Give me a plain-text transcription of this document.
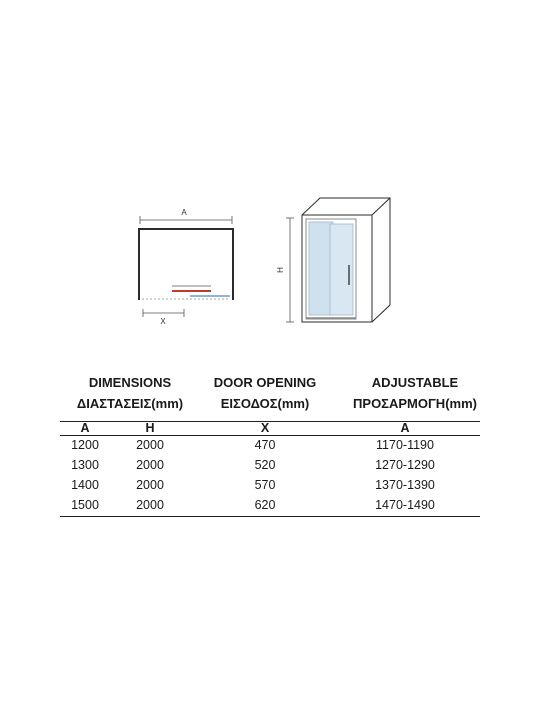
A
X
H
DIMENSIONS
ΔΙΑΣΤΑΣΕΙΣ(mm)
DOOR OPENING
ΕΙΣΟΔΟΣ(mm)
ADJUSTABLE
ΠΡΟΣΑΡΜΟΓΗ(mm)
A	H	X	A
1200	2000	470	1170-1190
1300	2000	520	1270-1290
1400	2000	570	1370-1390
1500	2000	620	1470-1490
